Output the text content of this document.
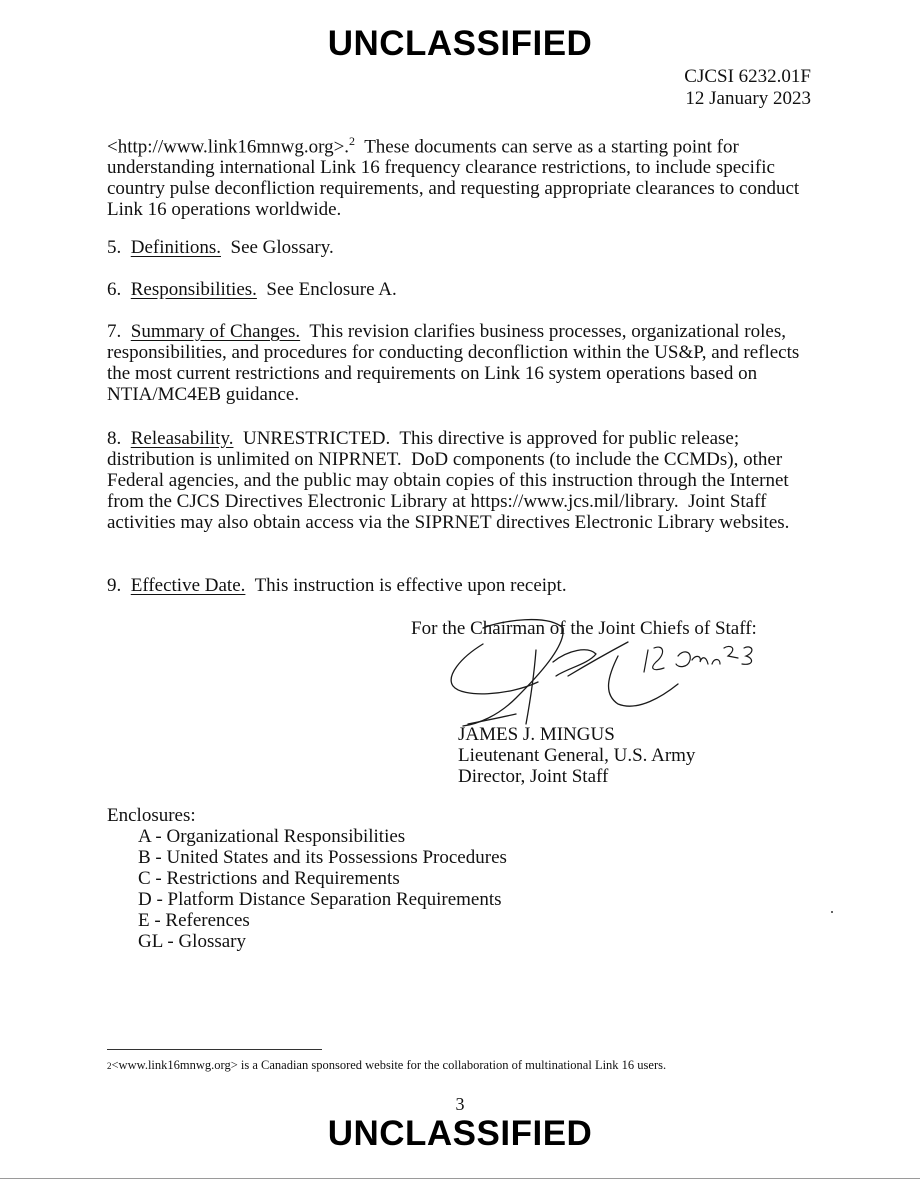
UNCLASSIFIED
CJCSI 6232.01F
12 January 2023
<http://www.link16mnwg.org>.$^2$  These documents can serve as a starting point for understanding international Link 16 frequency clearance restrictions, to include specific country pulse deconfliction requirements, and requesting appropriate clearances to conduct Link 16 operations worldwide.
5. Definitions. See Glossary.
6. Responsibilities. See Enclosure A.
7. Summary of Changes. This revision clarifies business processes, organizational roles, responsibilities, and procedures for conducting deconfliction within the US&P, and reflects the most current restrictions and requirements on Link 16 system operations based on NTIA/MC4EB guidance.
8. Releasability. UNRESTRICTED.  This directive is approved for public release; distribution is unlimited on NIPRNET.  DoD components (to include the CCMDs), other Federal agencies, and the public may obtain copies of this instruction through the Internet from the CJCS Directives Electronic Library at https://www.jcs.mil/library.  Joint Staff activities may also obtain access via the SIPRNET directives Electronic Library websites.
9. Effective Date. This instruction is effective upon receipt.
For the Chairman of the Joint Chiefs of Staff:
JAMES J. MINGUS
Lieutenant General, U.S. Army
Director, Joint Staff
Enclosures:
A - Organizational Responsibilities
B - United States and its Possessions Procedures
C - Restrictions and Requirements
D - Platform Distance Separation Requirements
E - References
GL - Glossary
2<www.link16mnwg.org> is a Canadian sponsored website for the collaboration of multinational Link 16 users.
3
UNCLASSIFIED
